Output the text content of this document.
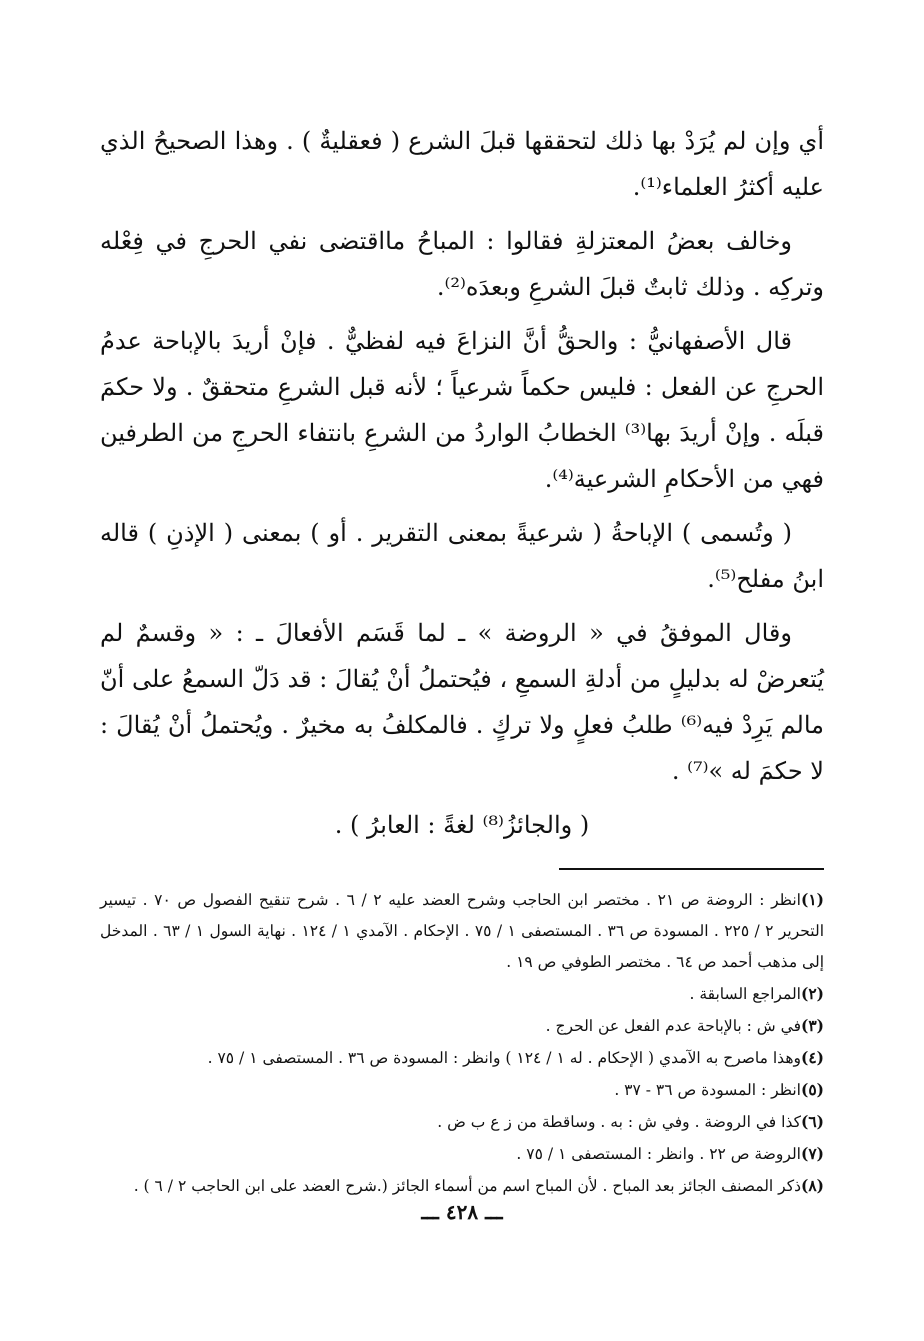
أي وإن لم يُرَدْ بها ذلك لتحققها قبلَ الشرع ( فعقليةٌ ) . وهذا الصحيحُ الذي عليه أكثرُ العلماء⁽¹⁾.

وخالف بعضُ المعتزلةِ فقالوا : المباحُ مااقتضى نفي الحرجِ في فِعْله وتركِه . وذلك ثابتٌ قبلَ الشرعِ وبعدَه⁽²⁾.

قال الأصفهانيُّ : والحقُّ أنَّ النزاعَ فيه لفظيٌّ . فإنْ أريدَ بالإباحة عدمُ الحرجِ عن الفعل : فليس حكماً شرعياً ؛ لأنه قبل الشرعِ متحققٌ . ولا حكمَ قبلَه . وإنْ أريدَ بها⁽³⁾ الخطابُ الواردُ من الشرعِ بانتفاء الحرجِ من الطرفين فهي من الأحكامِ الشرعية⁽⁴⁾.

( وتُسمى ) الإباحةُ ( شرعيةً بمعنى التقرير . أو ) بمعنى ( الإذنِ ) قاله ابنُ مفلح⁽⁵⁾.

وقال الموفقُ في « الروضة » ـ لما قَسَم الأفعالَ ـ : « وقسمٌ لم يُتعرضْ له بدليلٍ من أدلةِ السمعِ ، فيُحتملُ أنْ يُقالَ : قد دَلّ السمعُ على أنّ مالم يَرِدْ فيه⁽⁶⁾ طلبُ فعلٍ ولا تركٍ . فالمكلفُ به مخيرٌ . ويُحتملُ أنْ يُقالَ : لا حكمَ له »⁽⁷⁾ .

( والجائزُ⁽⁸⁾ لغةً : العابرُ ) .

(١)انظر : الروضة ص ٢١ . مختصر ابن الحاجب وشرح العضد عليه ٢ / ٦ . شرح تنقيح الفصول ص ٧٠ . تيسير التحرير ٢ / ٢٢٥ . المسودة ص ٣٦ . المستصفى ١ / ٧٥ . الإحكام . الآمدي ١ / ١٢٤ . نهاية السول ١ / ٦٣ . المدخل إلى مذهب أحمد ص ٦٤ . مختصر الطوفي ص ١٩ .

(٢)المراجع السابقة .

(٣)في ش : بالإباحة عدم الفعل عن الحرج .

(٤)وهذا ماصرح به الآمدي ( الإحكام . له ١ / ١٢٤ ) وانظر : المسودة ص ٣٦ . المستصفى ١ / ٧٥ .

(٥)انظر : المسودة ص ٣٦ - ٣٧ .

(٦)كذا في الروضة . وفي ش : به . وساقطة من ز ع ب ض .

(٧)الروضة ص ٢٢ . وانظر : المستصفى ١ / ٧٥ .

(٨)ذكر المصنف الجائز بعد المباح . لأن المباح اسم من أسماء الجائز (.شرح العضد على ابن الحاجب ٢ / ٦ ) .

ـــ ٤٢٨ ـــ
